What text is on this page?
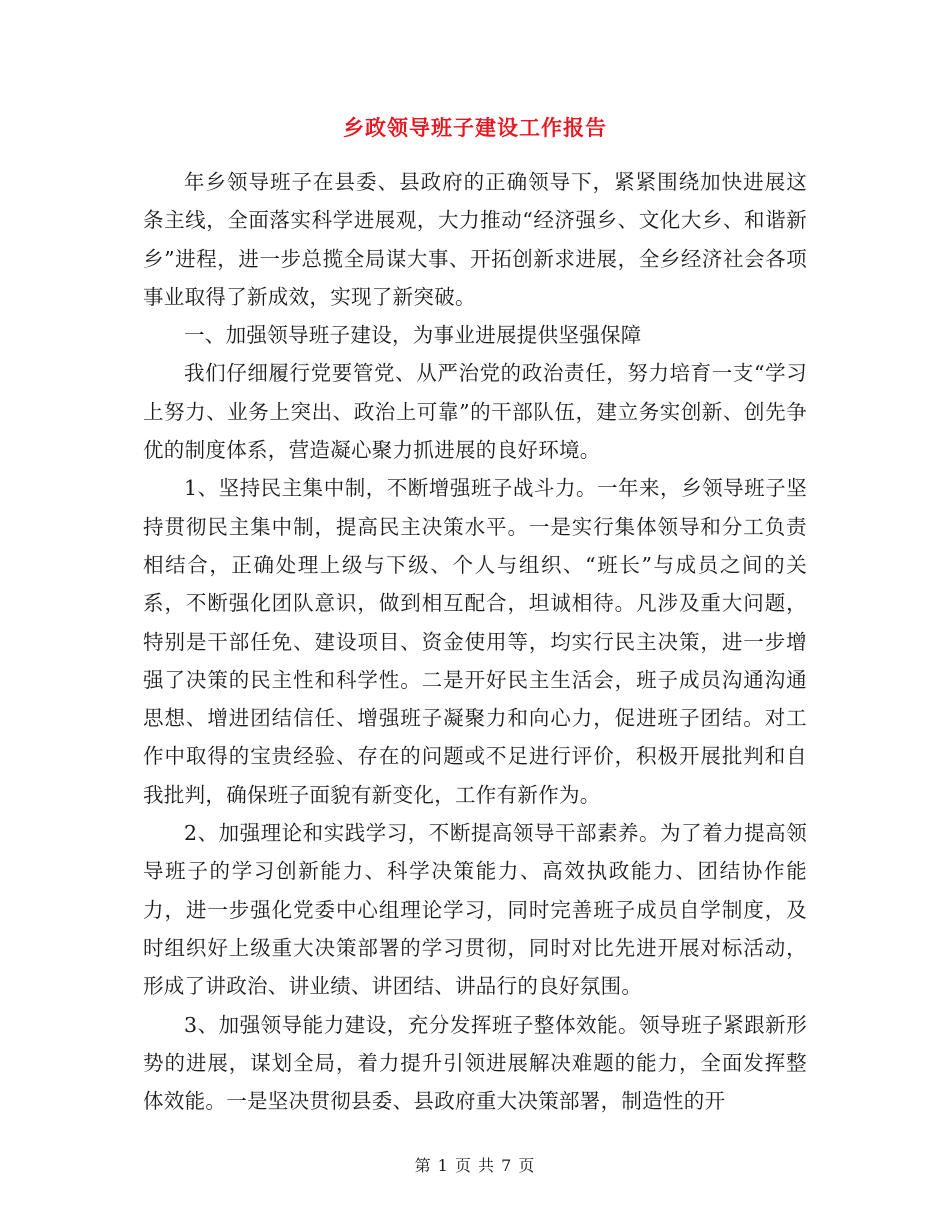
乡政领导班子建设工作报告

年乡领导班子在县委、县政府的正确领导下，紧紧围绕加快进展这条主线，全面落实科学进展观，大力推动“经济强乡、文化大乡、和谐新乡”进程，进一步总揽全局谋大事、开拓创新求进展，全乡经济社会各项事业取得了新成效，实现了新突破。

一、加强领导班子建设，为事业进展提供坚强保障

我们仔细履行党要管党、从严治党的政治责任，努力培育一支“学习上努力、业务上突出、政治上可靠”的干部队伍，建立务实创新、创先争优的制度体系，营造凝心聚力抓进展的良好环境。

1、坚持民主集中制，不断增强班子战斗力。一年来，乡领导班子坚持贯彻民主集中制，提高民主决策水平。一是实行集体领导和分工负责相结合，正确处理上级与下级、个人与组织、“班长”与成员之间的关系，不断强化团队意识，做到相互配合，坦诚相待。凡涉及重大问题，特别是干部任免、建设项目、资金使用等，均实行民主决策，进一步增强了决策的民主性和科学性。二是开好民主生活会，班子成员沟通沟通思想、增进团结信任、增强班子凝聚力和向心力，促进班子团结。对工作中取得的宝贵经验、存在的问题或不足进行评价，积极开展批判和自我批判，确保班子面貌有新变化，工作有新作为。

2、加强理论和实践学习，不断提高领导干部素养。为了着力提高领导班子的学习创新能力、科学决策能力、高效执政能力、团结协作能力，进一步强化党委中心组理论学习，同时完善班子成员自学制度，及时组织好上级重大决策部署的学习贯彻，同时对比先进开展对标活动，形成了讲政治、讲业绩、讲团结、讲品行的良好氛围。

3、加强领导能力建设，充分发挥班子整体效能。领导班子紧跟新形势的进展，谋划全局，着力提升引领进展解决难题的能力，全面发挥整体效能。一是坚决贯彻县委、县政府重大决策部署，制造性的开

第 1 页 共 7 页
